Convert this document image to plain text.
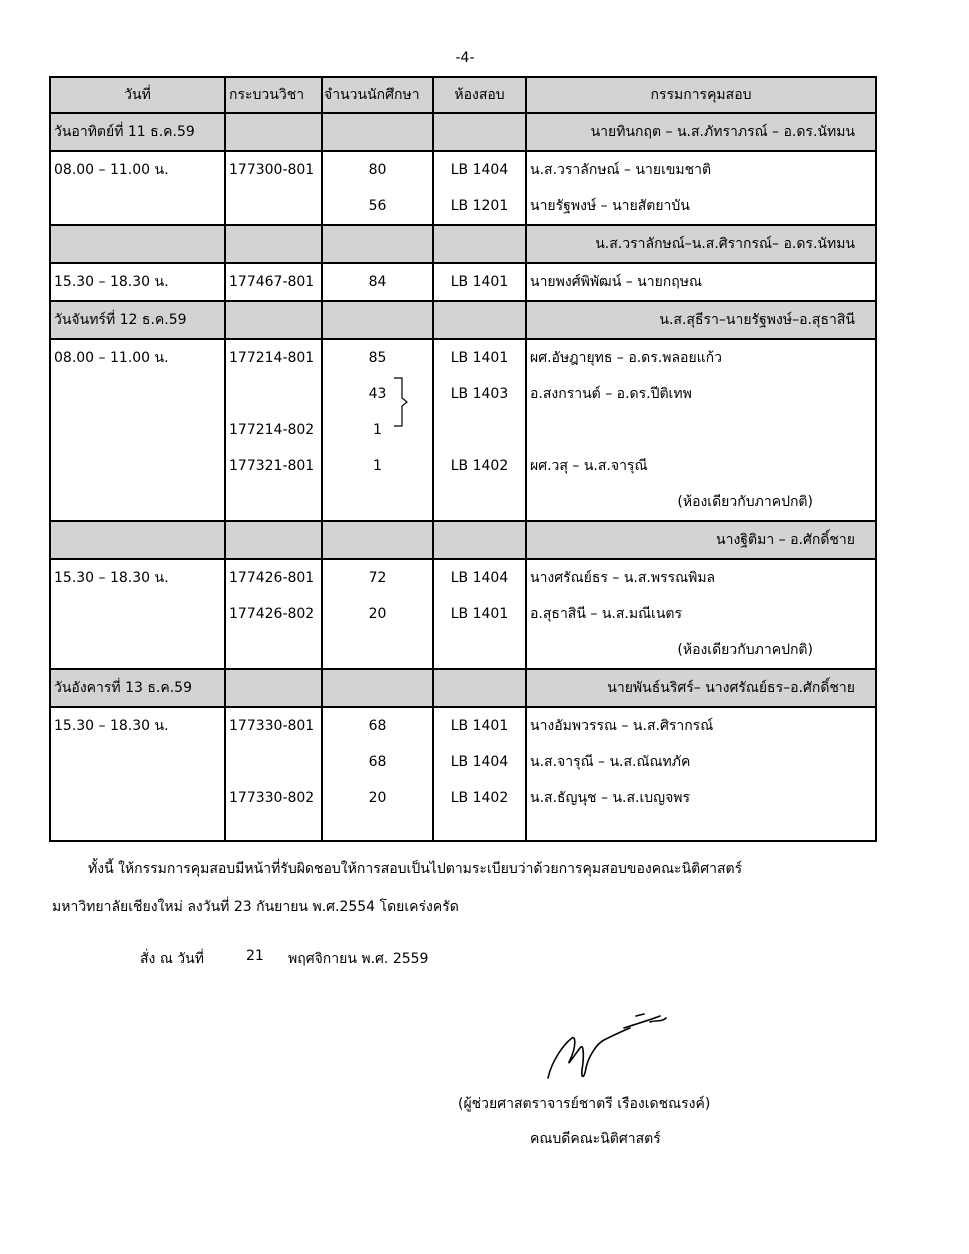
-4-
วันที่	กระบวนวิชา	จำนวนนักศึกษา	ห้องสอบ	กรรมการคุมสอบ
วันอาทิตย์ที่ 11 ธ.ค.59				นายทินกฤต – น.ส.ภัทราภรณ์ – อ.ดร.นัทมน
08.00 – 11.00 น.	177300-801	80	LB 1404	น.ส.วราลักษณ์ – นายเขมชาติ
		56	LB 1201	นายรัฐพงษ์ – นายสัตยาบัน
				น.ส.วราลักษณ์–น.ส.ศิรากรณ์– อ.ดร.นัทมน
15.30 – 18.30 น.	177467-801	84	LB 1401	นายพงศ์พิพัฒน์ – นายกฤษณ
วันจันทร์ที่ 12 ธ.ค.59				น.ส.สุธีรา–นายรัฐพงษ์–อ.สุธาสินี
08.00 – 11.00 น.	177214-801	85	LB 1401	ผศ.อัษฎายุทธ – อ.ดร.พลอยแก้ว
		43	LB 1403	อ.สงกรานต์ – อ.ดร.ปีติเทพ
	177214-802	1		
	177321-801	1	LB 1402	ผศ.วสุ – น.ส.จารุณี
				(ห้องเดียวกับภาคปกติ)
				นางฐิติมา – อ.ศักดิ์ชาย
15.30 – 18.30 น.	177426-801	72	LB 1404	นางศรัณย์ธร – น.ส.พรรณพิมล
	177426-802	20	LB 1401	อ.สุธาสินี – น.ส.มณีเนตร
				(ห้องเดียวกับภาคปกติ)
วันอังคารที่ 13 ธ.ค.59				นายพันธ์นริศร์– นางศรัณย์ธร–อ.ศักดิ์ชาย
15.30 – 18.30 น.	177330-801	68	LB 1401	นางอัมพวรรณ – น.ส.ศิรากรณ์
		68	LB 1404	น.ส.จารุณี – น.ส.ณัณทภัค
	177330-802	20	LB 1402	น.ส.ธัญนุช – น.ส.เบญจพร

ทั้งนี้ ให้กรรมการคุมสอบมีหน้าที่รับผิดชอบให้การสอบเป็นไปตามระเบียบว่าด้วยการคุมสอบของคณะนิติศาสตร์
มหาวิทยาลัยเชียงใหม่ ลงวันที่ 23 กันยายน พ.ศ.2554 โดยเคร่งครัด
สั่ง ณ วันที่	21 พฤศจิกายน พ.ศ. 2559
(ผู้ช่วยศาสตราจารย์ชาตรี เรืองเดชณรงค์)
คณบดีคณะนิติศาสตร์
